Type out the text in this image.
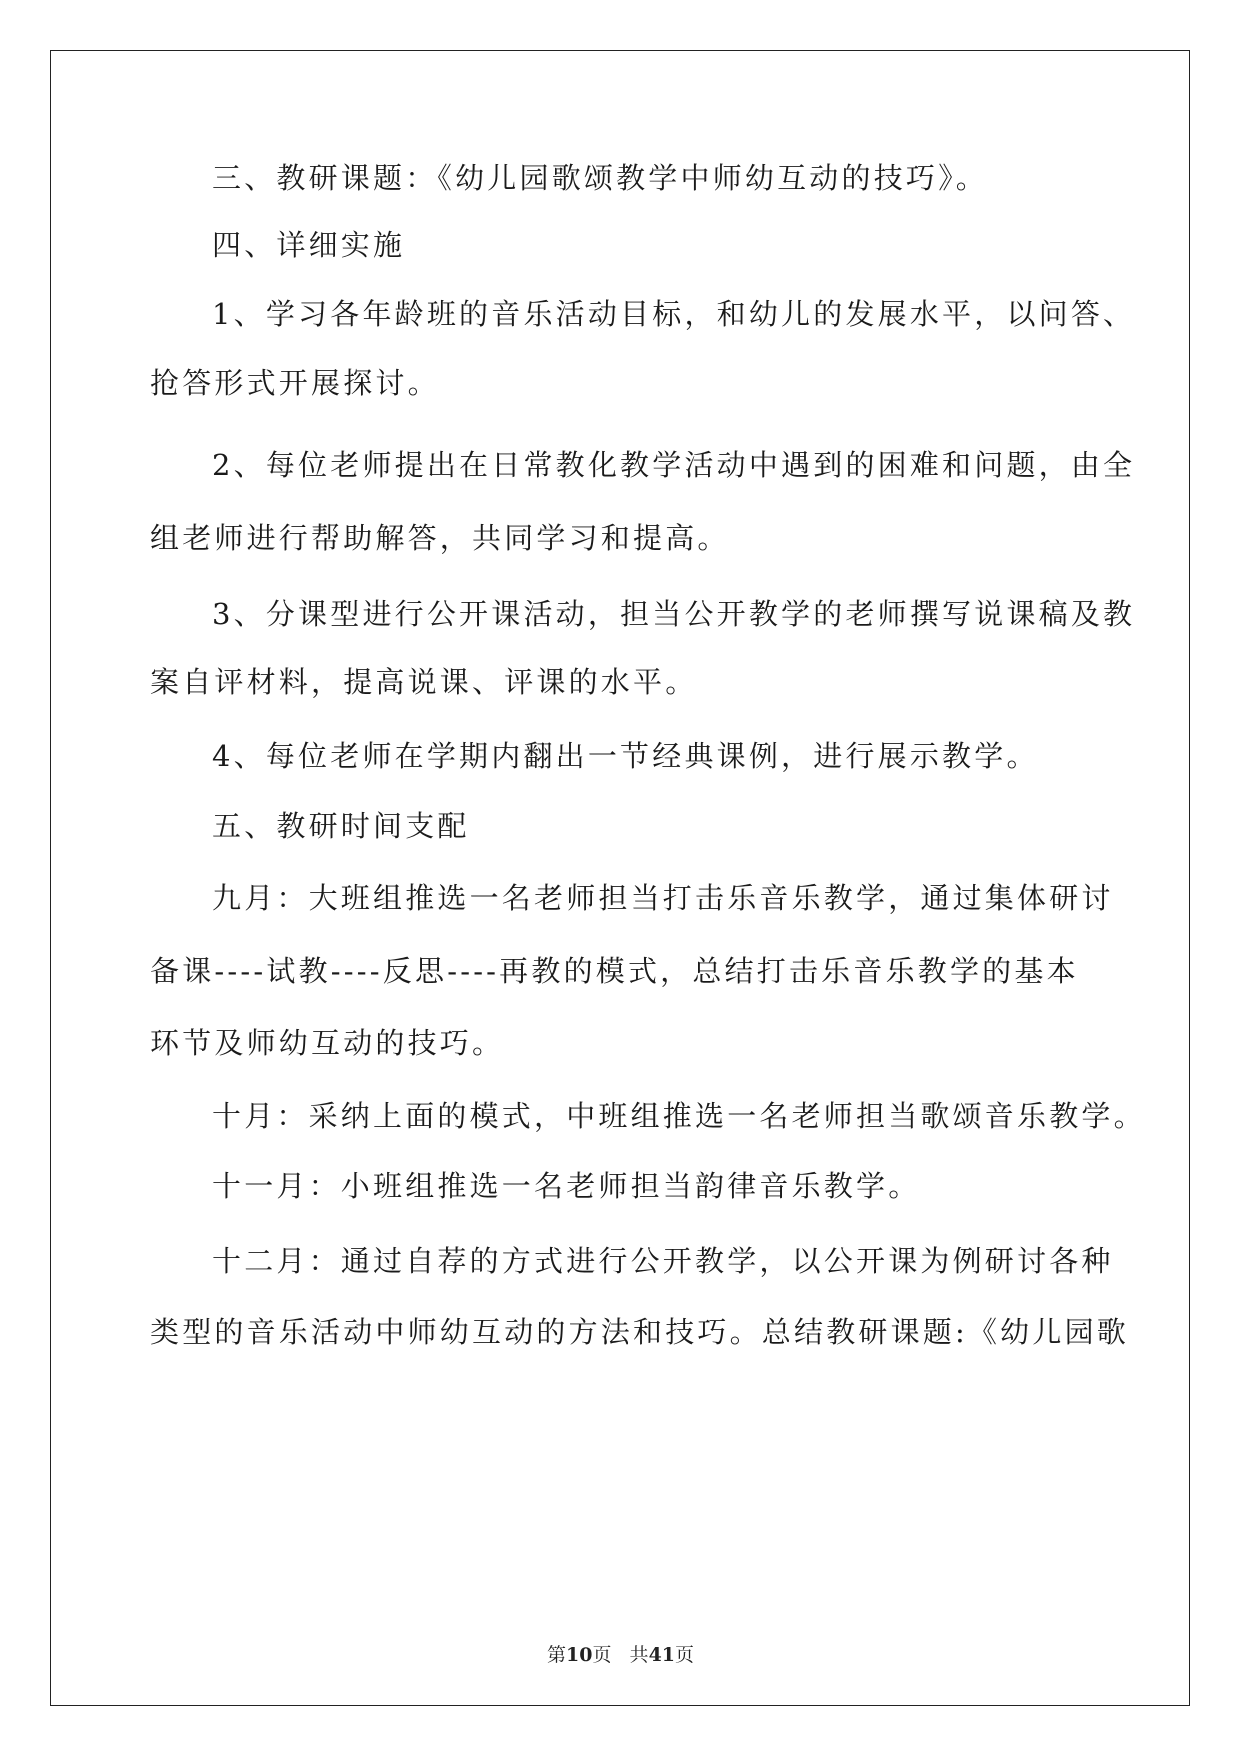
三、教研课题：《幼儿园歌颂教学中师幼互动的技巧》。
四、详细实施
1、学习各年龄班的音乐活动目标，和幼儿的发展水平，以问答、
抢答形式开展探讨。
2、每位老师提出在日常教化教学活动中遇到的困难和问题，由全
组老师进行帮助解答，共同学习和提高。
3、分课型进行公开课活动，担当公开教学的老师撰写说课稿及教
案自评材料，提高说课、评课的水平。
4、每位老师在学期内翻出一节经典课例，进行展示教学。
五、教研时间支配
九月：大班组推选一名老师担当打击乐音乐教学，通过集体研讨
备课----试教----反思----再教的模式，总结打击乐音乐教学的基本
环节及师幼互动的技巧。
十月：采纳上面的模式，中班组推选一名老师担当歌颂音乐教学。
十一月：小班组推选一名老师担当韵律音乐教学。
十二月：通过自荐的方式进行公开教学，以公开课为例研讨各种
类型的音乐活动中师幼互动的方法和技巧。总结教研课题:《幼儿园歌
第10页   共41页
